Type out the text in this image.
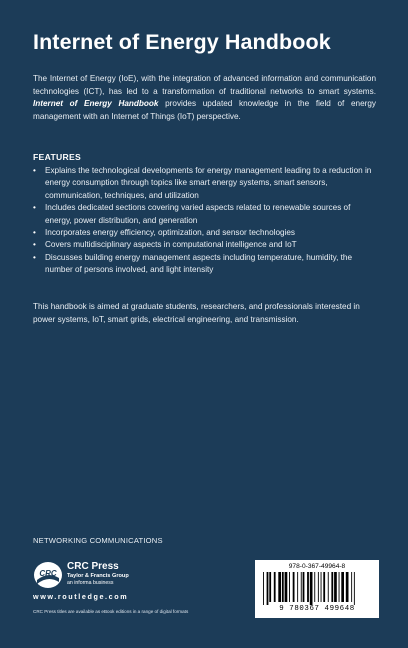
Internet of Energy Handbook
The Internet of Energy (IoE), with the integration of advanced information and communication technologies (ICT), has led to a transformation of traditional networks to smart systems. Internet of Energy Handbook provides updated knowledge in the field of energy management with an Internet of Things (IoT) perspective.
FEATURES
• Explains the technological developments for energy management leading to a reduction in energy consumption through topics like smart energy systems, smart sensors, communication, techniques, and utilization
• Includes dedicated sections covering varied aspects related to renewable sources of energy, power distribution, and generation
• Incorporates energy efficiency, optimization, and sensor technologies
• Covers multidisciplinary aspects in computational intelligence and IoT
• Discusses building energy management aspects including temperature, humidity, the number of persons involved, and light intensity
This handbook is aimed at graduate students, researchers, and professionals interested in power systems, IoT, smart grids, electrical engineering, and transmission.
NETWORKING COMMUNICATIONS
CRC
CRC Press
Taylor & Francis Group
an informa business
www.routledge.com
CRC Press titles are available as eBook editions in a range of digital formats
978-0-367-49964-8
9 780367 499648
